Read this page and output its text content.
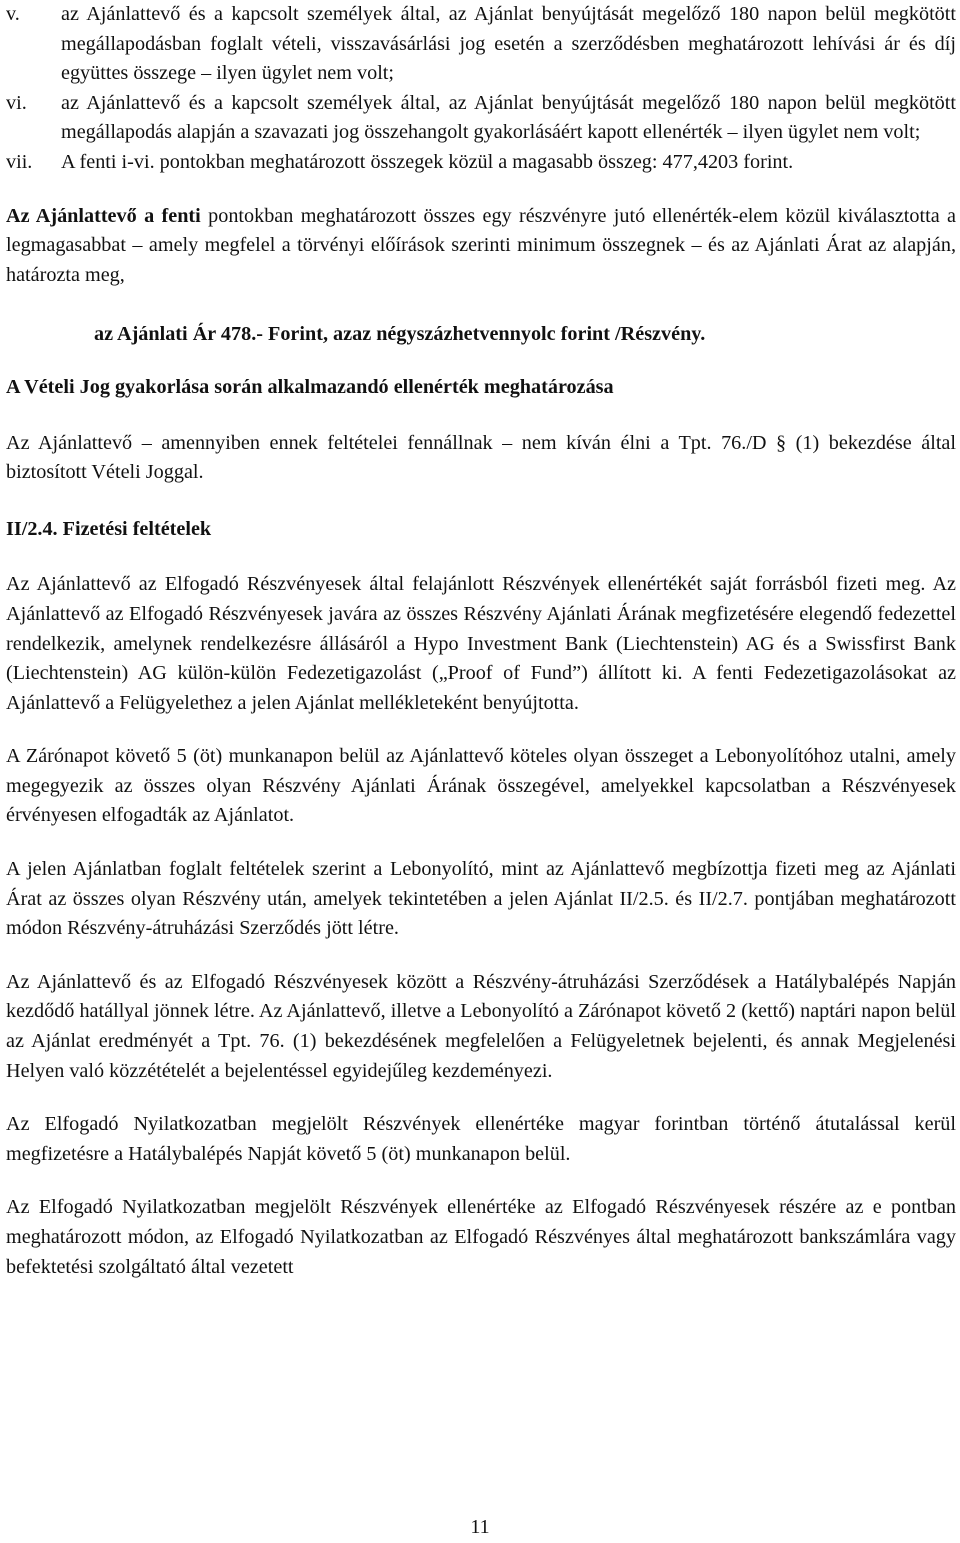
v.	az Ajánlattevő és a kapcsolt személyek által, az Ajánlat benyújtását megelőző 180 napon belül megkötött megállapodásban foglalt vételi, visszavásárlási jog esetén a szerződésben meghatározott lehívási ár és díj együttes összege – ilyen ügylet nem volt;
vi.	az Ajánlattevő és a kapcsolt személyek által, az Ajánlat benyújtását megelőző 180 napon belül megkötött megállapodás alapján a szavazati jog összehangolt gyakorlásáért kapott ellenérték – ilyen ügylet nem volt;
vii.	A fenti i-vi. pontokban meghatározott összegek közül a magasabb összeg: 477,4203 forint.

Az Ajánlattevő a fenti pontokban meghatározott összes egy részvényre jutó ellenérték-elem közül kiválasztotta a legmagasabbat – amely megfelel a törvényi előírások szerinti minimum összegnek – és az Ajánlati Árat az alapján, határozta meg,

az Ajánlati Ár 478.- Forint, azaz négyszázhetvennyolc forint /Részvény.
A Vételi Jog gyakorlása során alkalmazandó ellenérték meghatározása

Az Ajánlattevő – amennyiben ennek feltételei fennállnak – nem kíván élni a Tpt. 76./D § (1) bekezdése által biztosított Vételi Joggal.

II/2.4. Fizetési feltételek

Az Ajánlattevő az Elfogadó Részvényesek által felajánlott Részvények ellenértékét saját forrásból fizeti meg. Az Ajánlattevő az Elfogadó Részvényesek javára az összes Részvény Ajánlati Árának megfizetésére elegendő fedezettel rendelkezik, amelynek rendelkezésre állásáról a Hypo Investment Bank (Liechtenstein) AG és a Swissfirst Bank (Liechtenstein) AG külön-külön Fedezetigazolást („Proof of Fund”) állított ki. A fenti Fedezetigazolásokat az Ajánlattevő a Felügyelethez a jelen Ajánlat mellékleteként benyújtotta.

A Zárónapot követő 5 (öt) munkanapon belül az Ajánlattevő köteles olyan összeget a Lebonyolítóhoz utalni, amely megegyezik az összes olyan Részvény Ajánlati Árának összegével, amelyekkel kapcsolatban a Részvényesek érvényesen elfogadták az Ajánlatot.

A jelen Ajánlatban foglalt feltételek szerint a Lebonyolító, mint az Ajánlattevő megbízottja fizeti meg az Ajánlati Árat az összes olyan Részvény után, amelyek tekintetében a jelen Ajánlat II/2.5. és II/2.7. pontjában meghatározott módon Részvény-átruházási Szerződés jött létre.

Az Ajánlattevő és az Elfogadó Részvényesek között a Részvény-átruházási Szerződések a Hatálybalépés Napján kezdődő hatállyal jönnek létre. Az Ajánlattevő, illetve a Lebonyolító a Zárónapot követő 2 (kettő) naptári napon belül az Ajánlat eredményét a Tpt. 76. (1) bekezdésének megfelelően a Felügyeletnek bejelenti, és annak Megjelenési Helyen való közzétételét a bejelentéssel egyidejűleg kezdeményezi.

Az Elfogadó Nyilatkozatban megjelölt Részvények ellenértéke magyar forintban történő átutalással kerül megfizetésre a Hatálybalépés Napját követő 5 (öt) munkanapon belül.

Az Elfogadó Nyilatkozatban megjelölt Részvények ellenértéke az Elfogadó Részvényesek részére az e pontban meghatározott módon, az Elfogadó Nyilatkozatban az Elfogadó Részvényes által meghatározott bankszámlára vagy befektetési szolgáltató által vezetett

11
